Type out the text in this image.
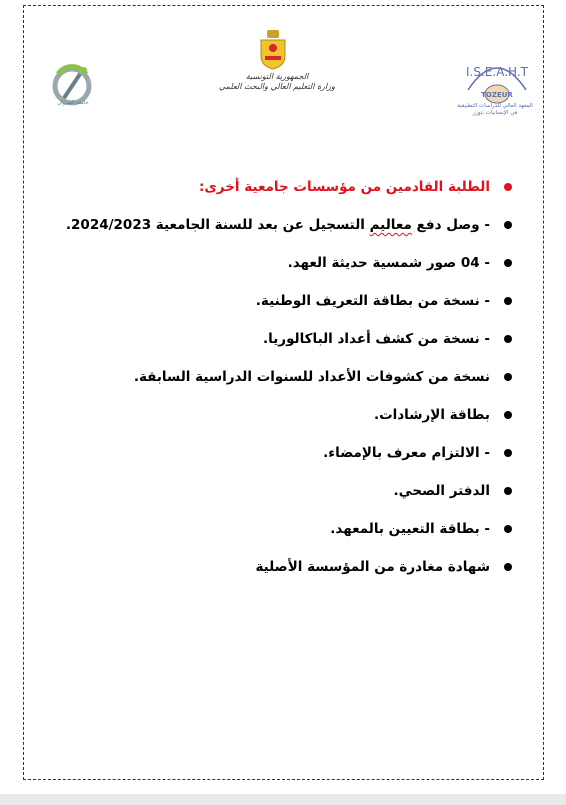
جامعة القيروان
الجمهورية التونسية
وزارة التعليم العالي والبحث العلمي
I.S.E.A.H.T
TOZEUR
المعهد العالي للدراسات التطبيقية في الإنسانيات بتوزر
الطلبة القادمين من مؤسسات جامعية أخرى:
- وصل دفع معاليم التسجيل عن بعد للسنة الجامعية 2024/2023.
- 04 صور شمسية حديثة العهد.
- نسخة من بطاقة التعريف الوطنية.
- نسخة من كشف أعداد الباكالوريا.
نسخة من كشوفات الأعداد للسنوات الدراسية السابقة.
بطاقة الإرشادات.
- الالتزام معرف بالإمضاء.
الدفتر الصحي.
- بطاقة التعيين بالمعهد.
شهادة مغادرة من المؤسسة الأصلية
